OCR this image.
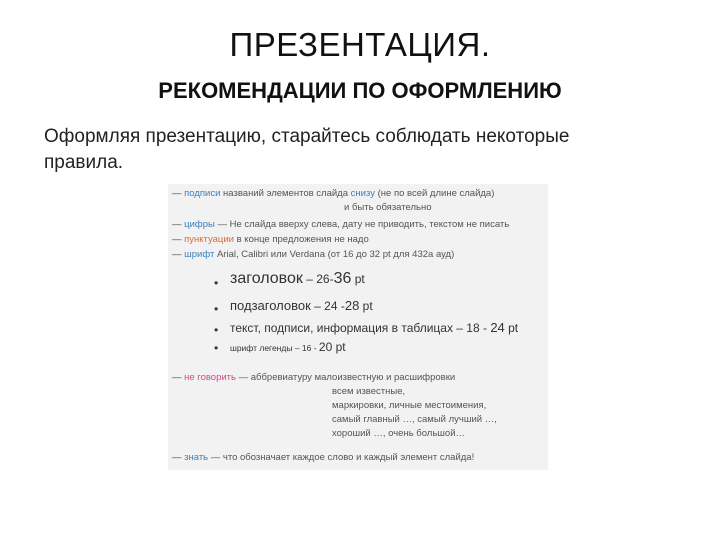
ПРЕЗЕНТАЦИЯ.
РЕКОМЕНДАЦИИ ПО ОФОРМЛЕНИЮ
Оформляя презентацию, старайтесь соблюдать некоторые
правила.
— подписи названий элементов слайда снизу (не по всей длине слайда)
и быть обязательно
— цифры — Не слайда вверху слева, дату не приводить, текстом не писать
— пунктуации в конце предложения не надо
— шрифт Arial, Calibri или Verdana (от 16 до 32 pt для 432а ауд)
• заголовок – 26-36 pt
• подзаголовок – 24 -28 pt
• текст, подписи, информация в таблицах – 18 - 24 pt
• шрифт легенды – 16 - 20 pt
— не говорить — аббревиатуру малоизвестную и расшифровки
всем известные,
маркировки, личные местоимения,
самый главный …, самый лучший …,
хороший …, очень большой…
— знать — что обозначает каждое слово и каждый элемент слайда!
